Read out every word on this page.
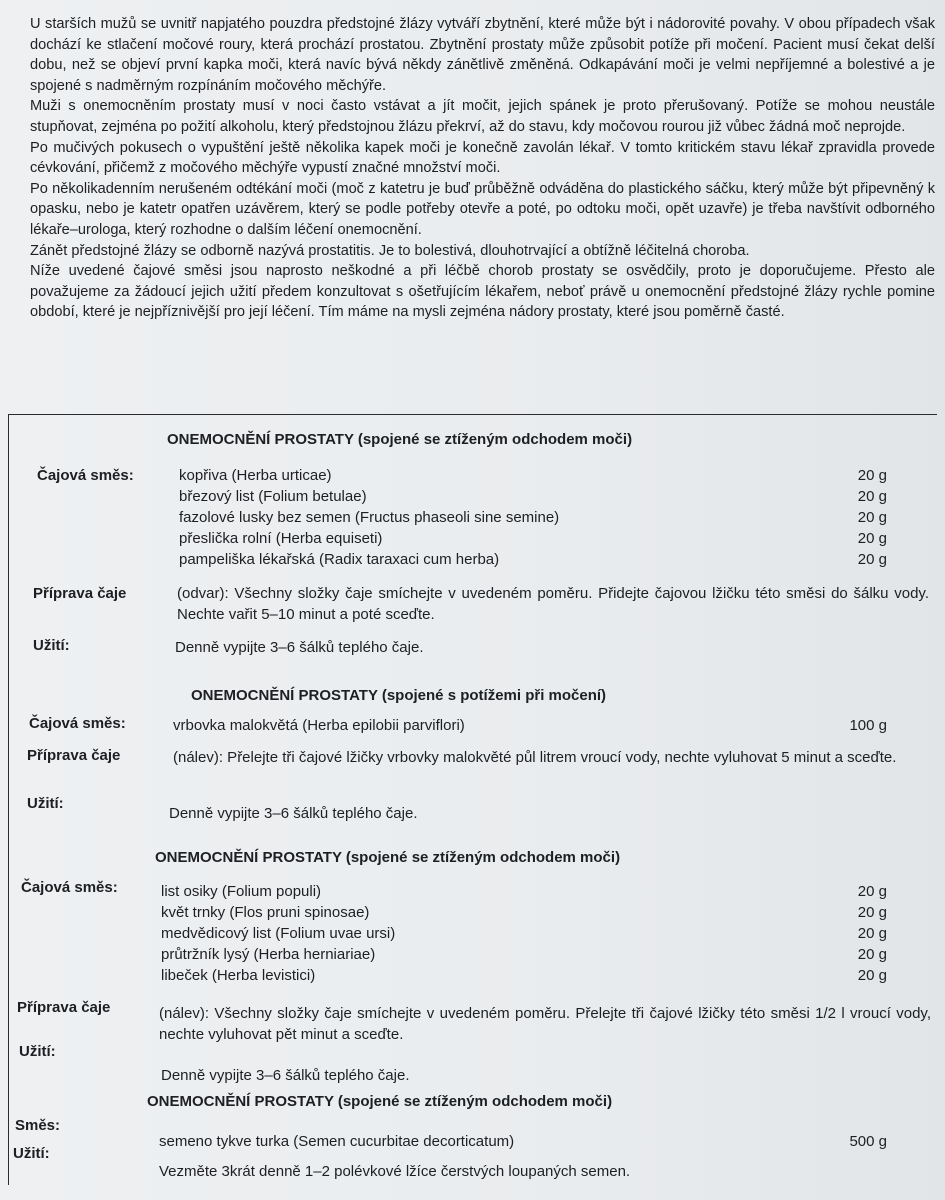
U starších mužů se uvnitř napjatého pouzdra předstojné žlázy vytváří zbytnění, které může být i nádorovité povahy. V obou případech však dochází ke stlačení močové roury, která prochází prostatou. Zbytnění prostaty může způsobit potíže při močení. Pacient musí čekat delší dobu, než se objeví první kapka moči, která navíc bývá někdy zánětlivě změněná. Odkapávání moči je velmi nepříjemné a bolestivé a je spojené s nadměrným rozpínáním močového měchýře.

Muži s onemocněním prostaty musí v noci často vstávat a jít močit, jejich spánek je proto přerušovaný. Potíže se mohou neustále stupňovat, zejména po požití alkoholu, který předstojnou žlázu překrví, až do stavu, kdy močovou rourou již vůbec žádná moč neprojde.

Po mučivých pokusech o vypuštění ještě několika kapek moči je konečně zavolán lékař. V tomto kritickém stavu lékař zpravidla provede cévkování, přičemž z močového měchýře vypustí značné množství moči.

Po několikadenním nerušeném odtékání moči (moč z katetru je buď průběžně odváděna do plastického sáčku, který může být připevněný k opasku, nebo je katetr opatřen uzávěrem, který se podle potřeby otevře a poté, po odtoku moči, opět uzavře) je třeba navštívit odborného lékaře–urologa, který rozhodne o dalším léčení onemocnění.

Zánět předstojné žlázy se odborně nazývá prostatitis. Je to bolestivá, dlouhotrvající a obtížně léčitelná choroba.

Níže uvedené čajové směsi jsou naprosto neškodné a při léčbě chorob prostaty se osvědčily, proto je doporučujeme. Přesto ale považujeme za žádoucí jejich užití předem konzultovat s ošetřujícím lékařem, neboť právě u onemocnění předstojné žlázy rychle pomine období, které je nejpříznivější pro její léčení. Tím máme na mysli zejména nádory prostaty, které jsou poměrně časté.

ONEMOCNĚNÍ PROSTATY (spojené se ztíženým odchodem moči)
Čajová směs:	kopřiva (Herba urticae)	20 g
březový list (Folium betulae)	20 g
fazolové lusky bez semen (Fructus phaseoli sine semine)	20 g
přeslička rolní (Herba equiseti)	20 g
pampeliška lékařská (Radix taraxaci cum herba)	20 g
Příprava čaje	(odvar): Všechny složky čaje smíchejte v uvedeném poměru. Přidejte čajovou lžičku této směsi do šálku vody. Nechte vařit 5–10 minut a poté sceďte.
Užití:	Denně vypijte 3–6 šálků teplého čaje.
ONEMOCNĚNÍ PROSTATY (spojené s potížemi při močení)
Čajová směs:	vrbovka malokvětá (Herba epilobii parviflori)	100 g
Příprava čaje	(nálev): Přelejte tři čajové lžičky vrbovky malokvěté půl litrem vroucí vody, nechte vyluhovat 5 minut a sceďte.
Užití:
Denně vypijte 3–6 šálků teplého čaje.
ONEMOCNĚNÍ PROSTATY (spojené se ztíženým odchodem moči)
Čajová směs:	list osiky (Folium populi)	20 g
květ trnky (Flos pruni spinosae)	20 g
medvědicový list (Folium uvae ursi)	20 g
průtržník lysý (Herba herniariae)	20 g
libeček (Herba levistici)	20 g
Příprava čaje	(nálev): Všechny složky čaje smíchejte v uvedeném poměru. Přelejte tři čajové lžičky této směsi 1/2 l vroucí vody, nechte vyluhovat pět minut a sceďte.
Užití:
Denně vypijte 3–6 šálků teplého čaje.
ONEMOCNĚNÍ PROSTATY (spojené se ztíženým odchodem moči)
Směs:
semeno tykve turka (Semen cucurbitae decorticatum)	500 g
Užití:
Vezměte 3krát denně 1–2 polévkové lžíce čerstvých loupaných semen.
